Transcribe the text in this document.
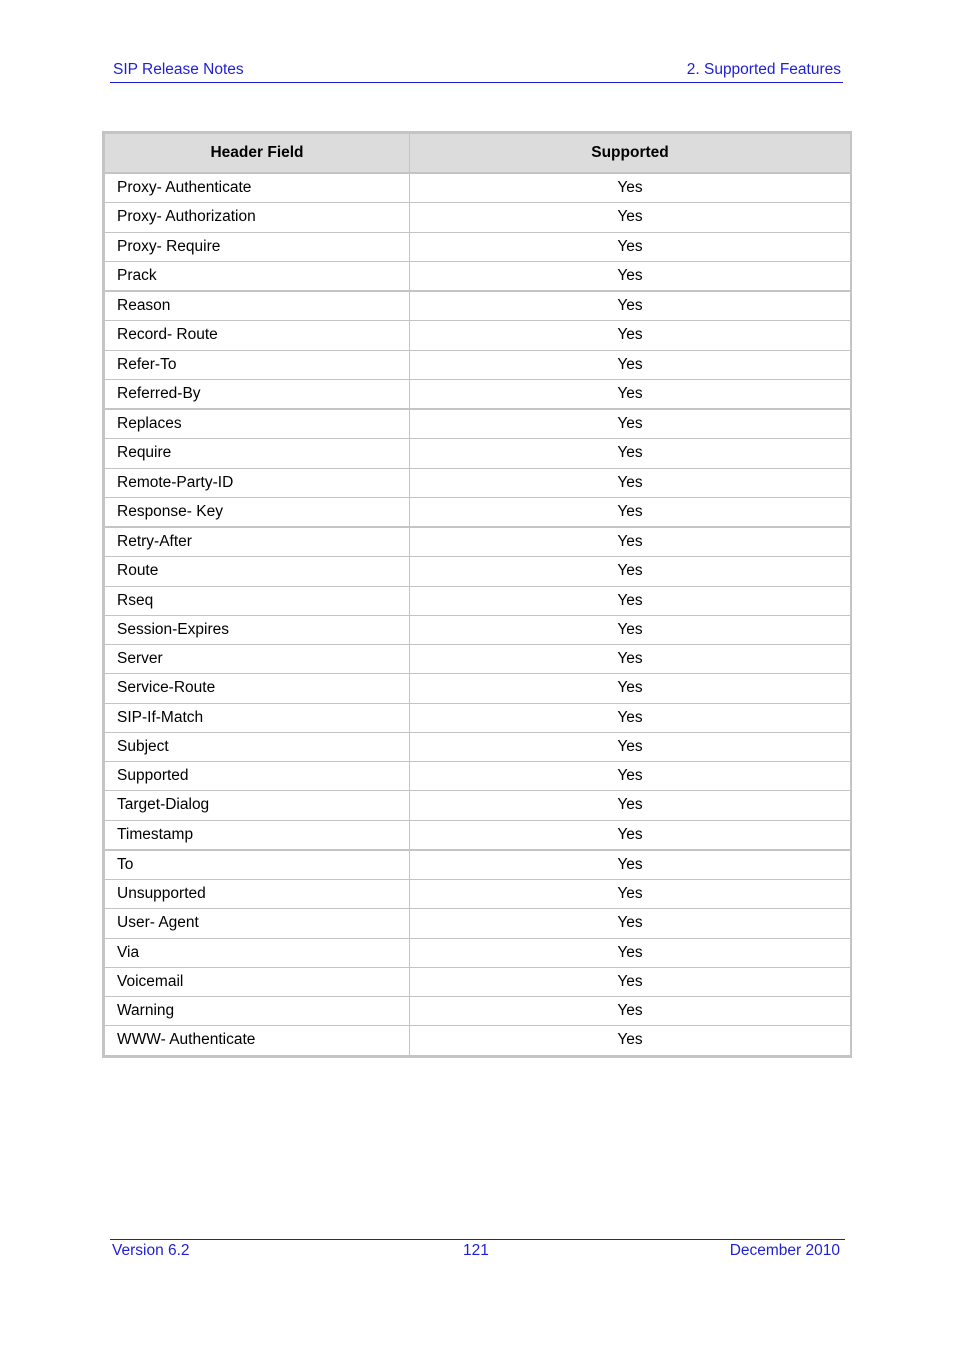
SIP Release Notes	2. Supported Features
Header Field	Supported
Proxy- Authenticate	Yes
Proxy- Authorization	Yes
Proxy- Require	Yes
Prack	Yes
Reason	Yes
Record- Route	Yes
Refer-To	Yes
Referred-By	Yes
Replaces	Yes
Require	Yes
Remote-Party-ID	Yes
Response- Key	Yes
Retry-After	Yes
Route	Yes
Rseq	Yes
Session-Expires	Yes
Server	Yes
Service-Route	Yes
SIP-If-Match	Yes
Subject	Yes
Supported	Yes
Target-Dialog	Yes
Timestamp	Yes
To	Yes
Unsupported	Yes
User- Agent	Yes
Via	Yes
Voicemail	Yes
Warning	Yes
WWW- Authenticate	Yes
Version 6.2	121	December 2010
